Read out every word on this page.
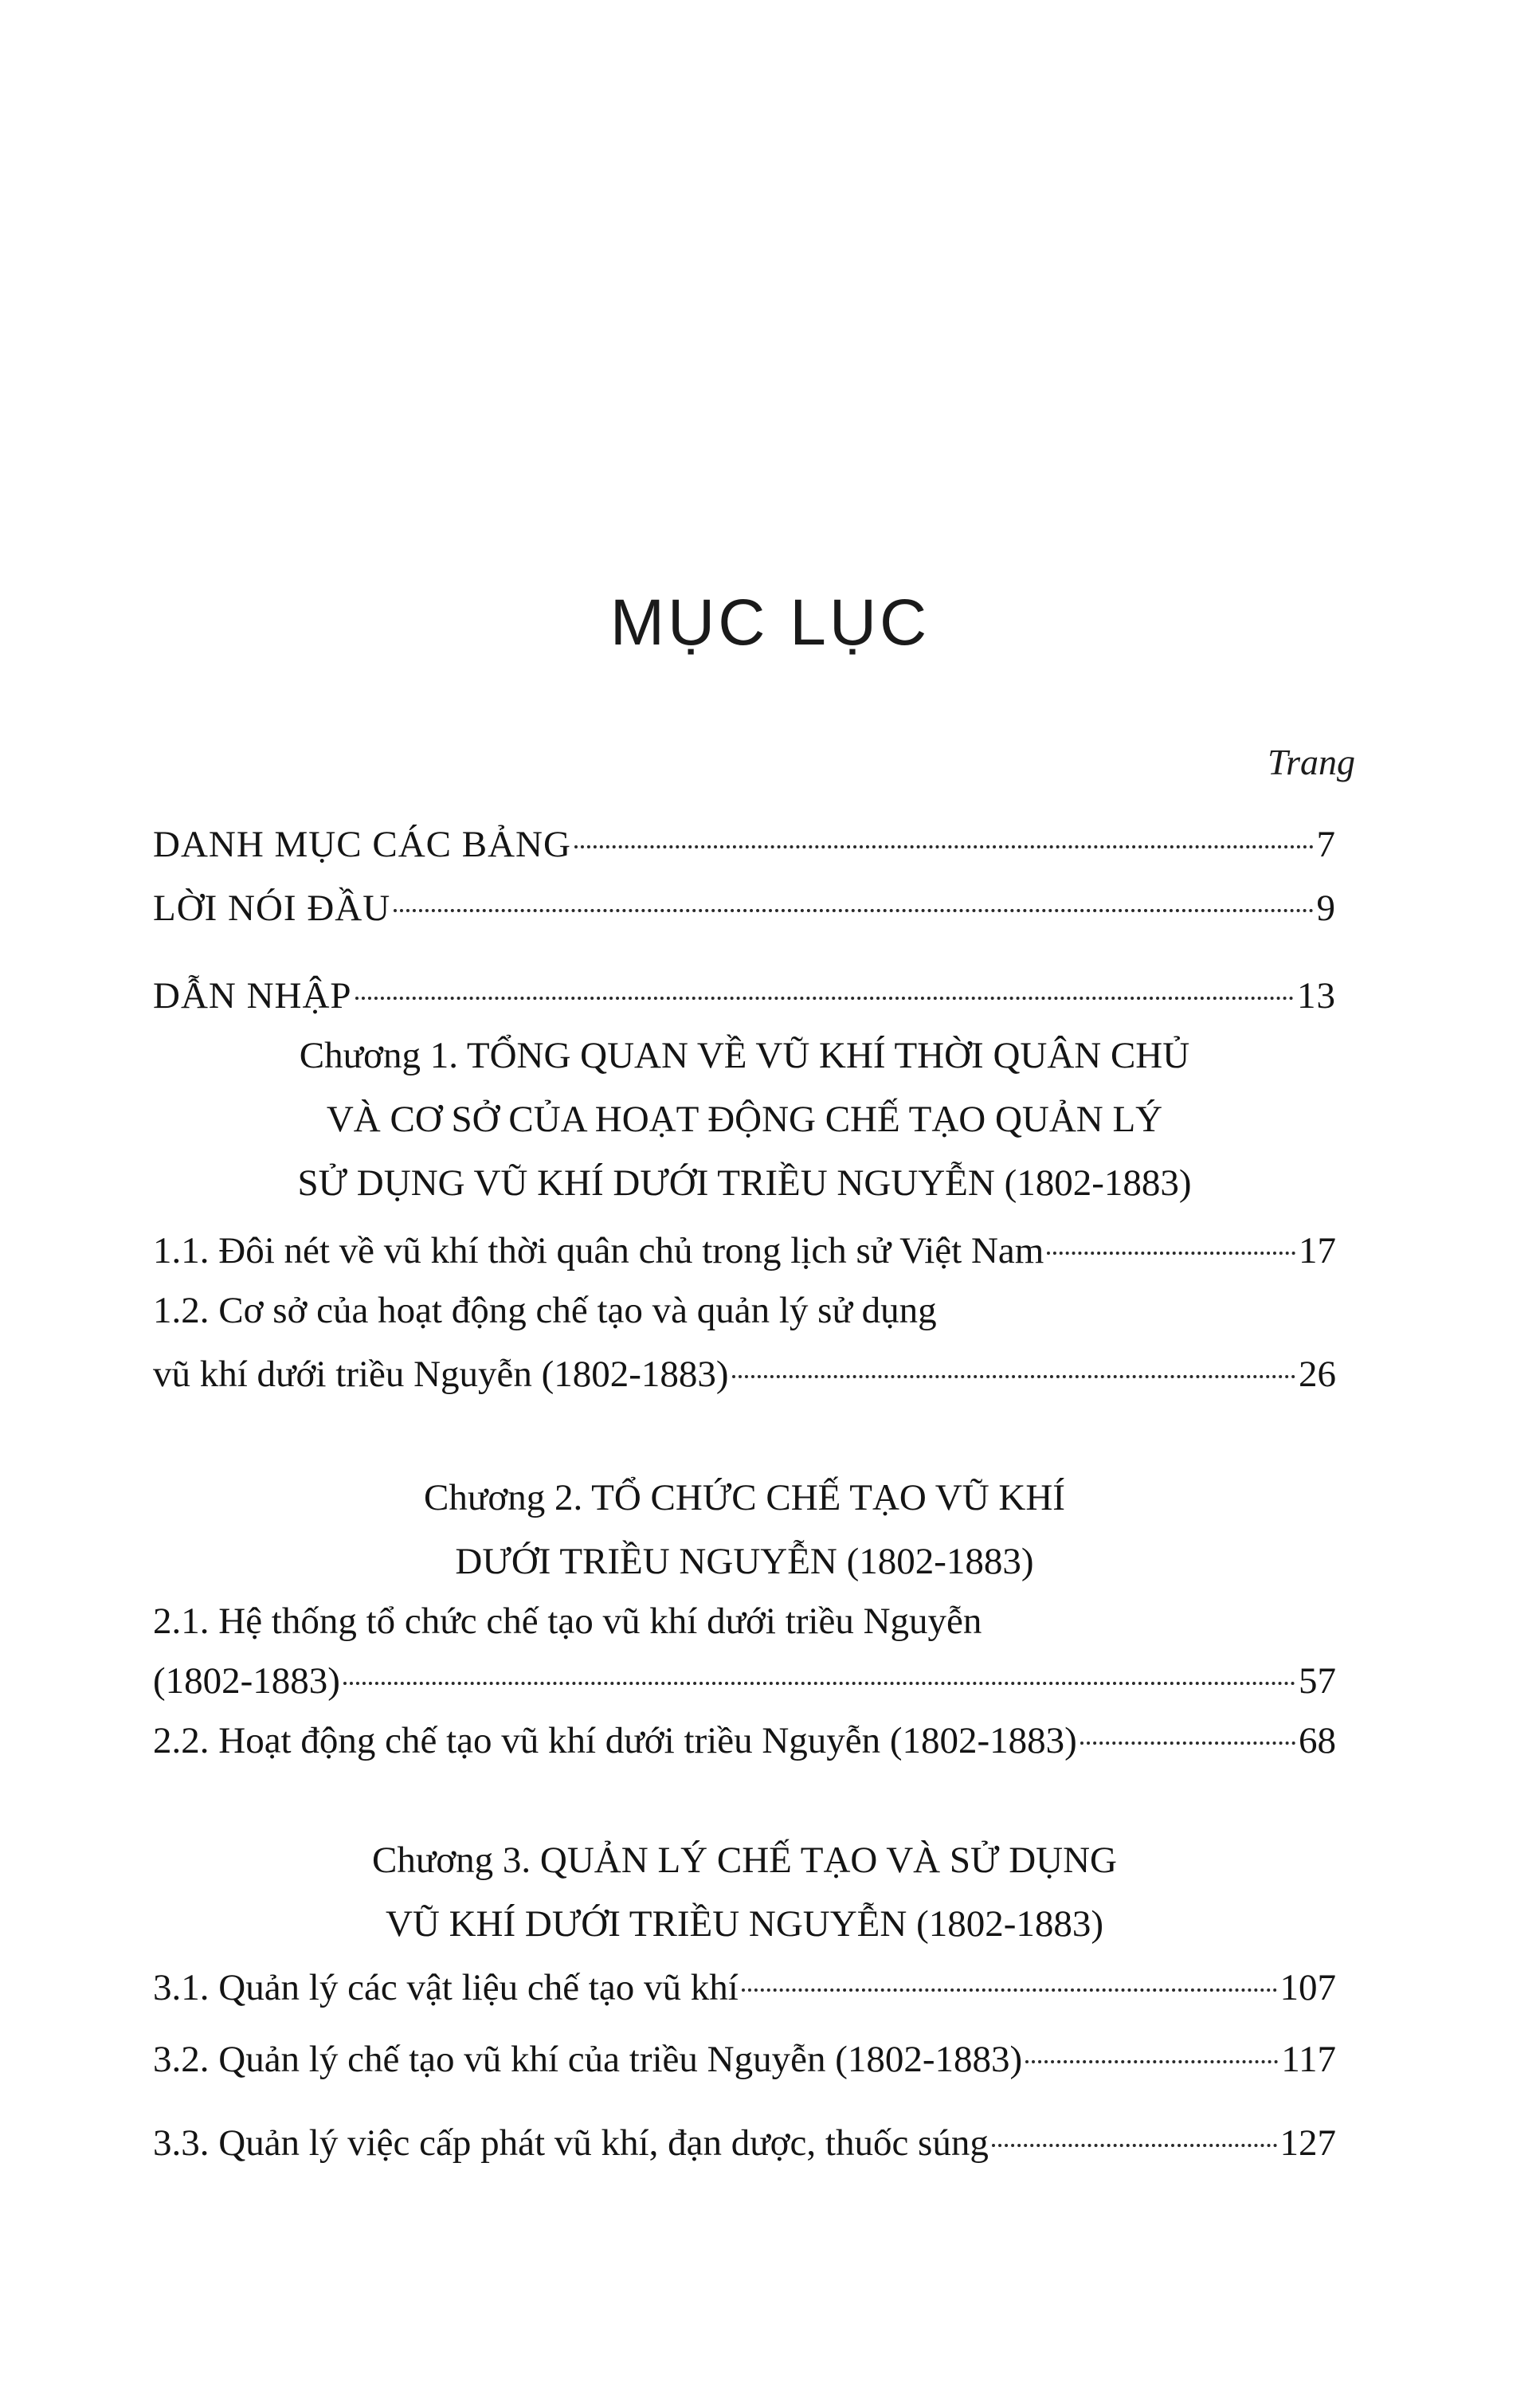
MỤC LỤC
Trang
DANH MỤC CÁC BẢNG	7
LỜI NÓI ĐẦU	9
DẪN NHẬP	13
Chương 1. TỔNG QUAN VỀ VŨ KHÍ THỜI QUÂN CHỦ
VÀ CƠ SỞ CỦA HOẠT ĐỘNG CHẾ TẠO QUẢN LÝ
SỬ DỤNG VŨ KHÍ DƯỚI TRIỀU NGUYỄN (1802-1883)
1.1. Đôi nét về vũ khí thời quân chủ trong lịch sử Việt Nam	17
1.2. Cơ sở của hoạt động chế tạo và quản lý sử dụng
vũ khí dưới triều Nguyễn (1802-1883)	26
Chương 2. TỔ CHỨC CHẾ TẠO VŨ KHÍ
DƯỚI TRIỀU NGUYỄN (1802-1883)
2.1. Hệ thống tổ chức chế tạo vũ khí dưới triều Nguyễn
(1802-1883)	57
2.2. Hoạt động chế tạo vũ khí dưới triều Nguyễn (1802-1883)	68
Chương 3. QUẢN LÝ CHẾ TẠO VÀ SỬ DỤNG
VŨ KHÍ DƯỚI TRIỀU NGUYỄN (1802-1883)
3.1. Quản lý các vật liệu chế tạo vũ khí	107
3.2. Quản lý chế tạo vũ khí của triều Nguyễn (1802-1883)	117
3.3. Quản lý việc cấp phát vũ khí, đạn dược, thuốc súng	127
